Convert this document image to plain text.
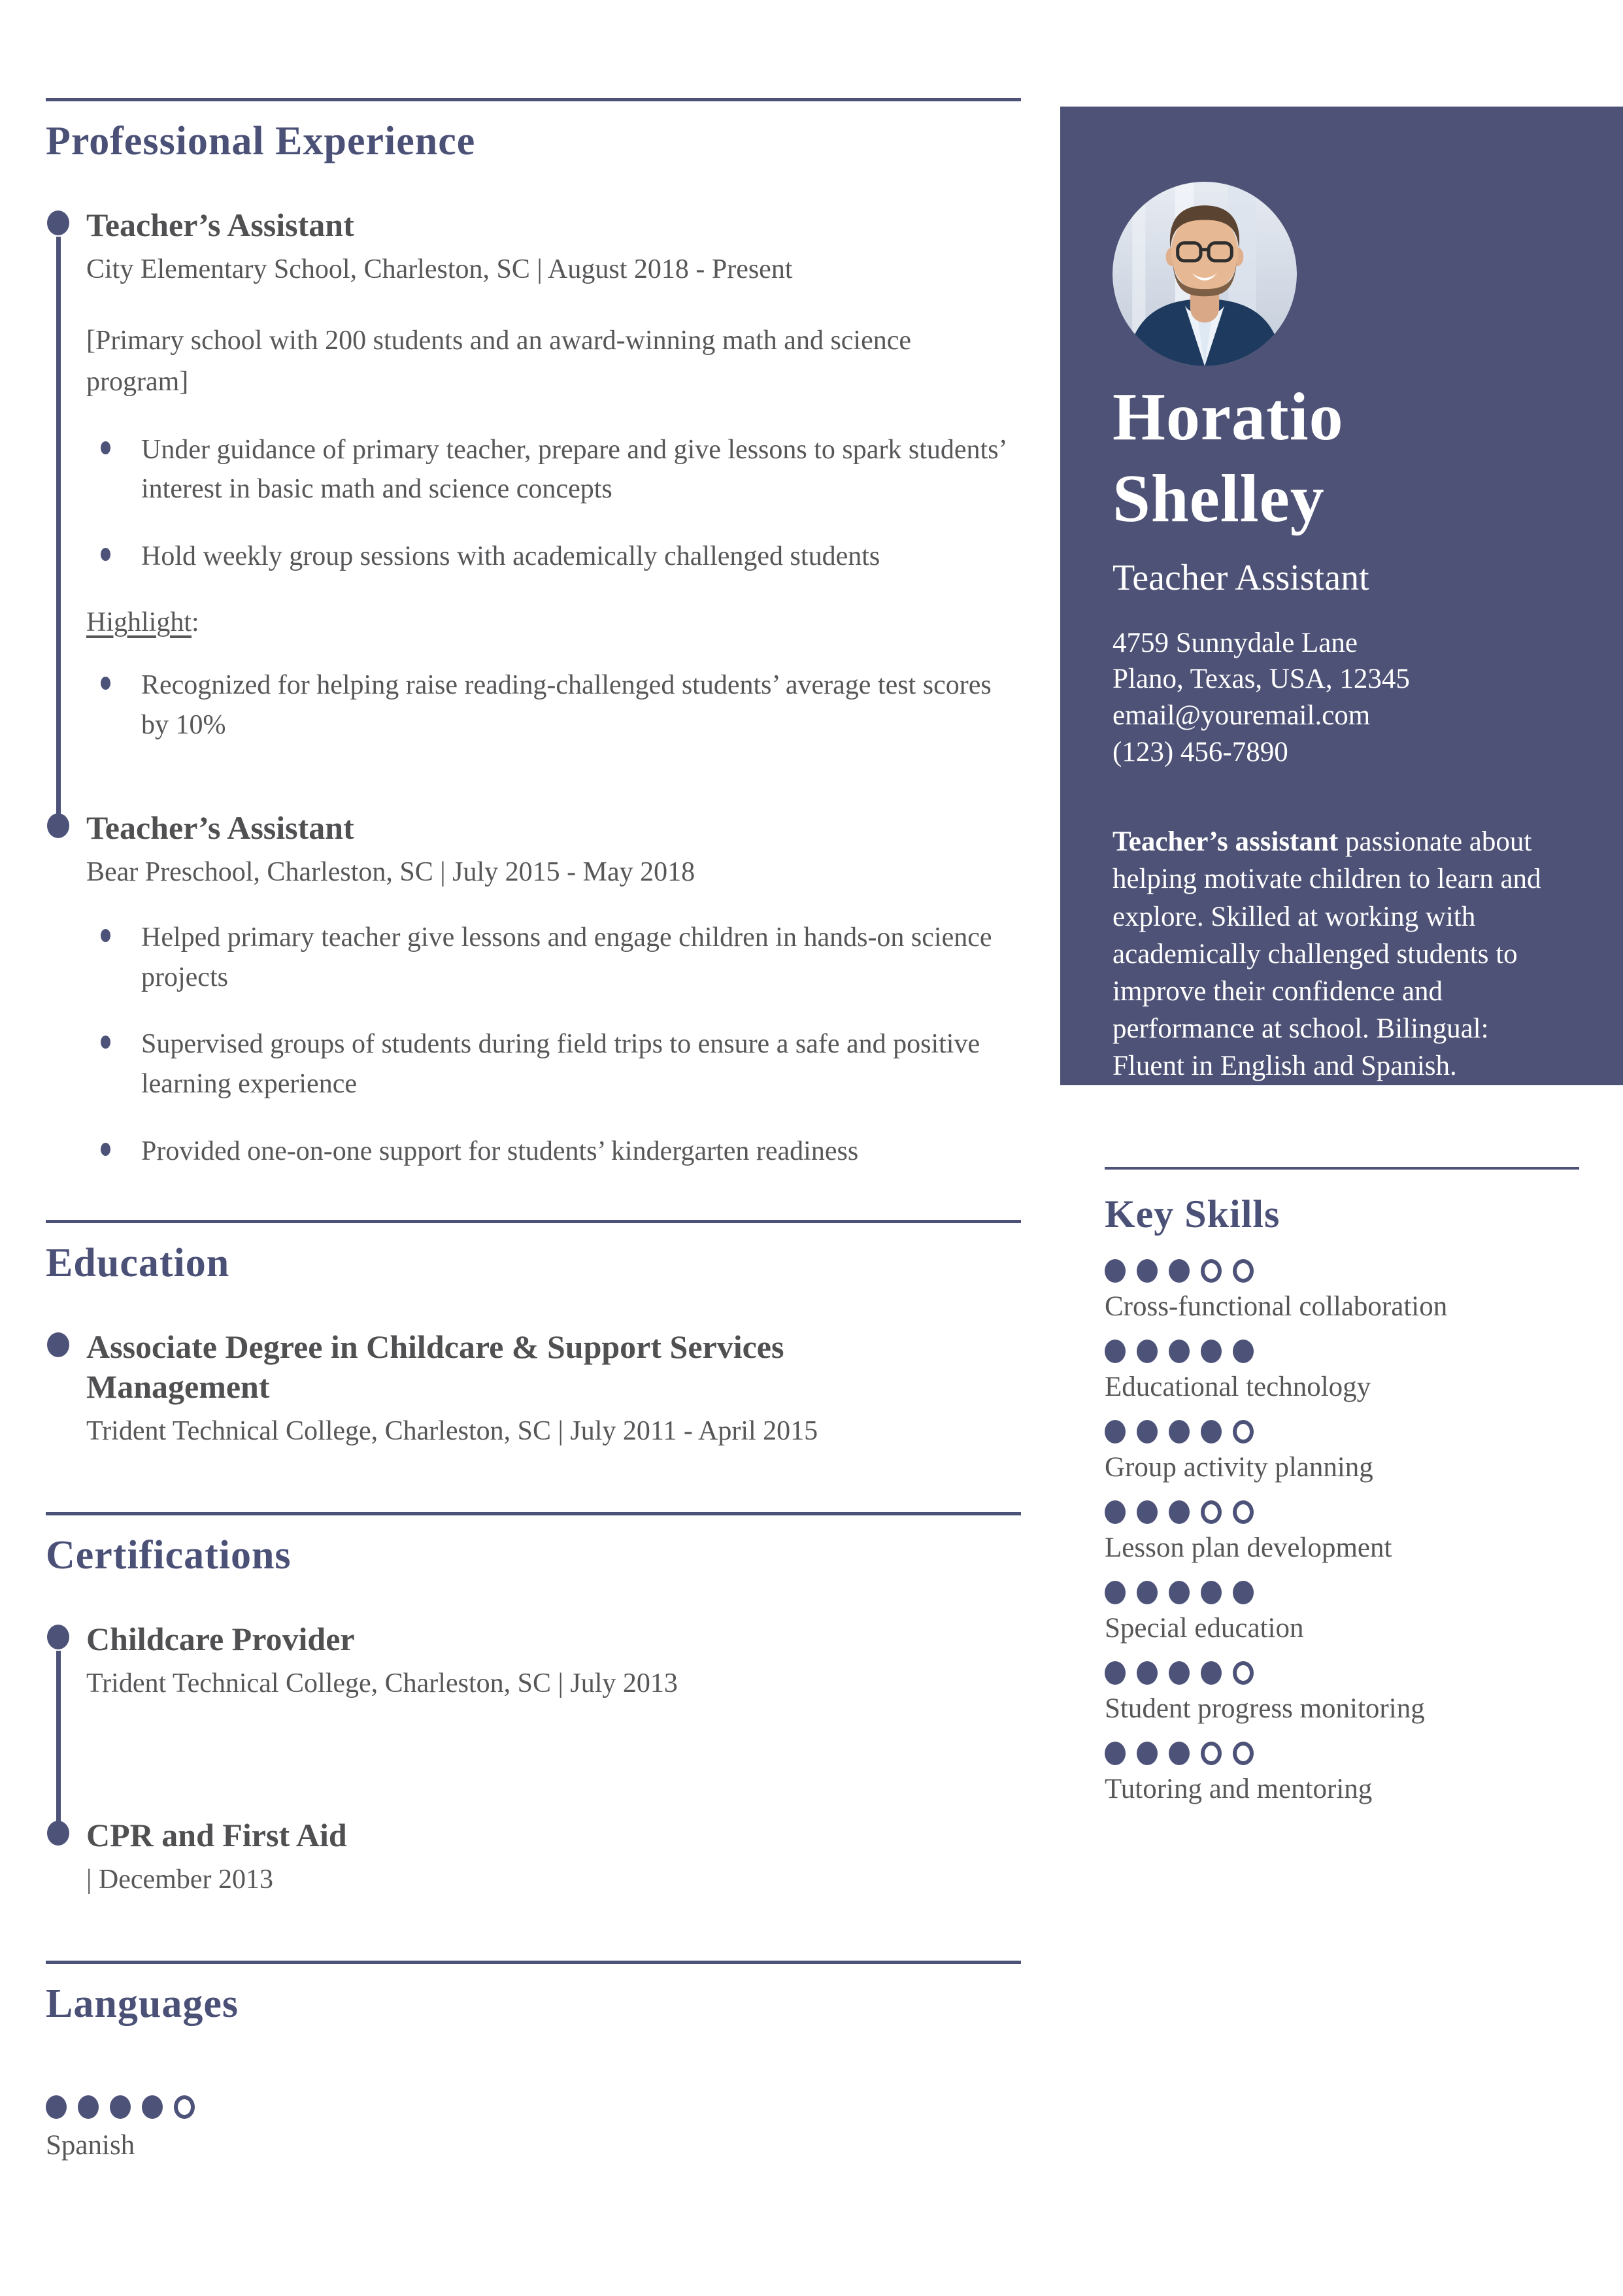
Professional Experience
Teacher’s Assistant

City Elementary School, Charleston, SC | August 2018 - Present

[Primary school with 200 students and an award-winning math and science program]

Under guidance of primary teacher, prepare and give lessons to spark students’ interest in basic math and science concepts
Hold weekly group sessions with academically challenged students

Highlight:

Recognized for helping raise reading-challenged students’ average test scores by 10%
Teacher’s Assistant

Bear Preschool, Charleston, SC | July 2015 - May 2018

Helped primary teacher give lessons and engage children in hands-on science projects
Supervised groups of students during field trips to ensure a safe and positive learning experience
Provided one-on-one support for students’ kindergarten readiness
Education
Associate Degree in Childcare & Support Services Management

Trident Technical College, Charleston, SC | July 2011 - April 2015

Certifications
Childcare Provider

Trident Technical College, Charleston, SC | July 2013

CPR and First Aid

| December 2013

Languages

Spanish

Horatio
Shelley
Teacher Assistant
4759 Sunnydale Lane
Plano, Texas, USA, 12345
email@youremail.com
(123) 456-7890

Teacher’s assistant passionate about helping motivate children to learn and explore. Skilled at working with academically challenged students to improve their confidence and performance at school. Bilingual: Fluent in English and Spanish.

Key Skills

Cross-functional collaboration

Educational technology

Group activity planning

Lesson plan development

Special education

Student progress monitoring

Tutoring and mentoring
